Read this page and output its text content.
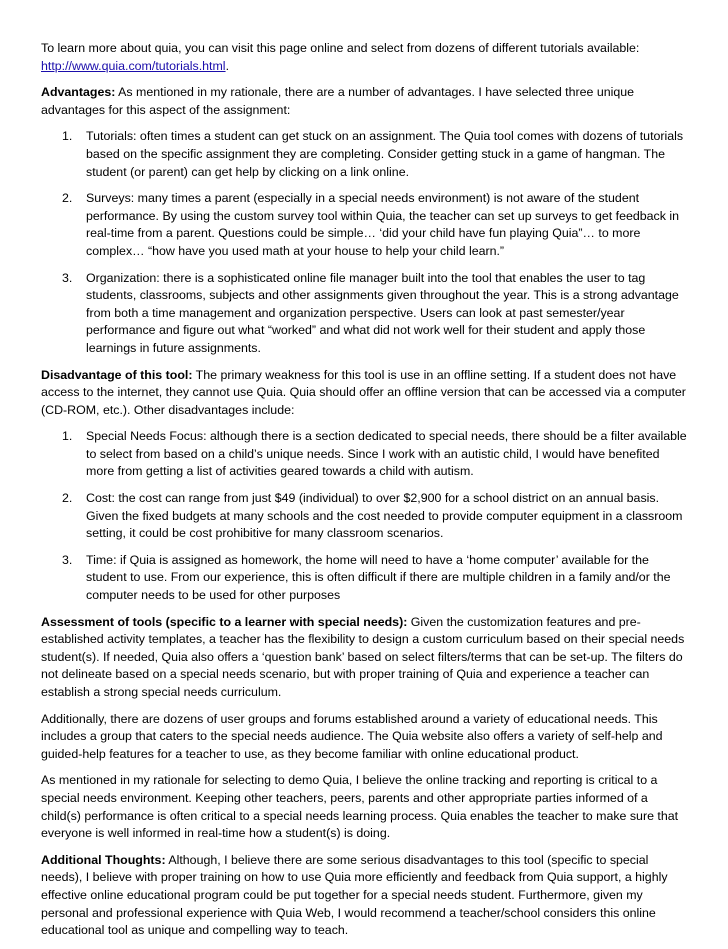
To learn more about quia, you can visit this page online and select from dozens of different tutorials available:
http://www.quia.com/tutorials.html.

Advantages: As mentioned in my rationale, there are a number of advantages. I have selected three unique advantages for this aspect of the assignment:

1. Tutorials: often times a student can get stuck on an assignment. The Quia tool comes with dozens of tutorials based on the specific assignment they are completing. Consider getting stuck in a game of hangman. The student (or parent) can get help by clicking on a link online.
2. Surveys: many times a parent (especially in a special needs environment) is not aware of the student performance. By using the custom survey tool within Quia, the teacher can set up surveys to get feedback in real-time from a parent. Questions could be simple… ‘did your child have fun playing Quia”… to more complex… “how have you used math at your house to help your child learn.”
3. Organization: there is a sophisticated online file manager built into the tool that enables the user to tag students, classrooms, subjects and other assignments given throughout the year. This is a strong advantage from both a time management and organization perspective. Users can look at past semester/year performance and figure out what “worked” and what did not work well for their student and apply those learnings in future assignments.

Disadvantage of this tool: The primary weakness for this tool is use in an offline setting. If a student does not have access to the internet, they cannot use Quia. Quia should offer an offline version that can be accessed via a computer (CD-ROM, etc.). Other disadvantages include:

1. Special Needs Focus: although there is a section dedicated to special needs, there should be a filter available to select from based on a child’s unique needs. Since I work with an autistic child, I would have benefited more from getting a list of activities geared towards a child with autism.
2. Cost: the cost can range from just $49 (individual) to over $2,900 for a school district on an annual basis. Given the fixed budgets at many schools and the cost needed to provide computer equipment in a classroom setting, it could be cost prohibitive for many classroom scenarios.
3. Time: if Quia is assigned as homework, the home will need to have a ‘home computer’ available for the student to use. From our experience, this is often difficult if there are multiple children in a family and/or the computer needs to be used for other purposes

Assessment of tools (specific to a learner with special needs): Given the customization features and pre-established activity templates, a teacher has the flexibility to design a custom curriculum based on their special needs student(s). If needed, Quia also offers a ‘question bank’ based on select filters/terms that can be set-up. The filters do not delineate based on a special needs scenario, but with proper training of Quia and experience a teacher can establish a strong special needs curriculum.

Additionally, there are dozens of user groups and forums established around a variety of educational needs. This includes a group that caters to the special needs audience. The Quia website also offers a variety of self-help and guided-help features for a teacher to use, as they become familiar with online educational product.

As mentioned in my rationale for selecting to demo Quia, I believe the online tracking and reporting is critical to a special needs environment. Keeping other teachers, peers, parents and other appropriate parties informed of a child(s) performance is often critical to a special needs learning process. Quia enables the teacher to make sure that everyone is well informed in real-time how a student(s) is doing.

Additional Thoughts: Although, I believe there are some serious disadvantages to this tool (specific to special needs), I believe with proper training on how to use Quia more efficiently and feedback from Quia support, a highly effective online educational program could be put together for a special needs student. Furthermore, given my personal and professional experience with Quia Web, I would recommend a teacher/school considers this online educational tool as unique and compelling way to teach.
